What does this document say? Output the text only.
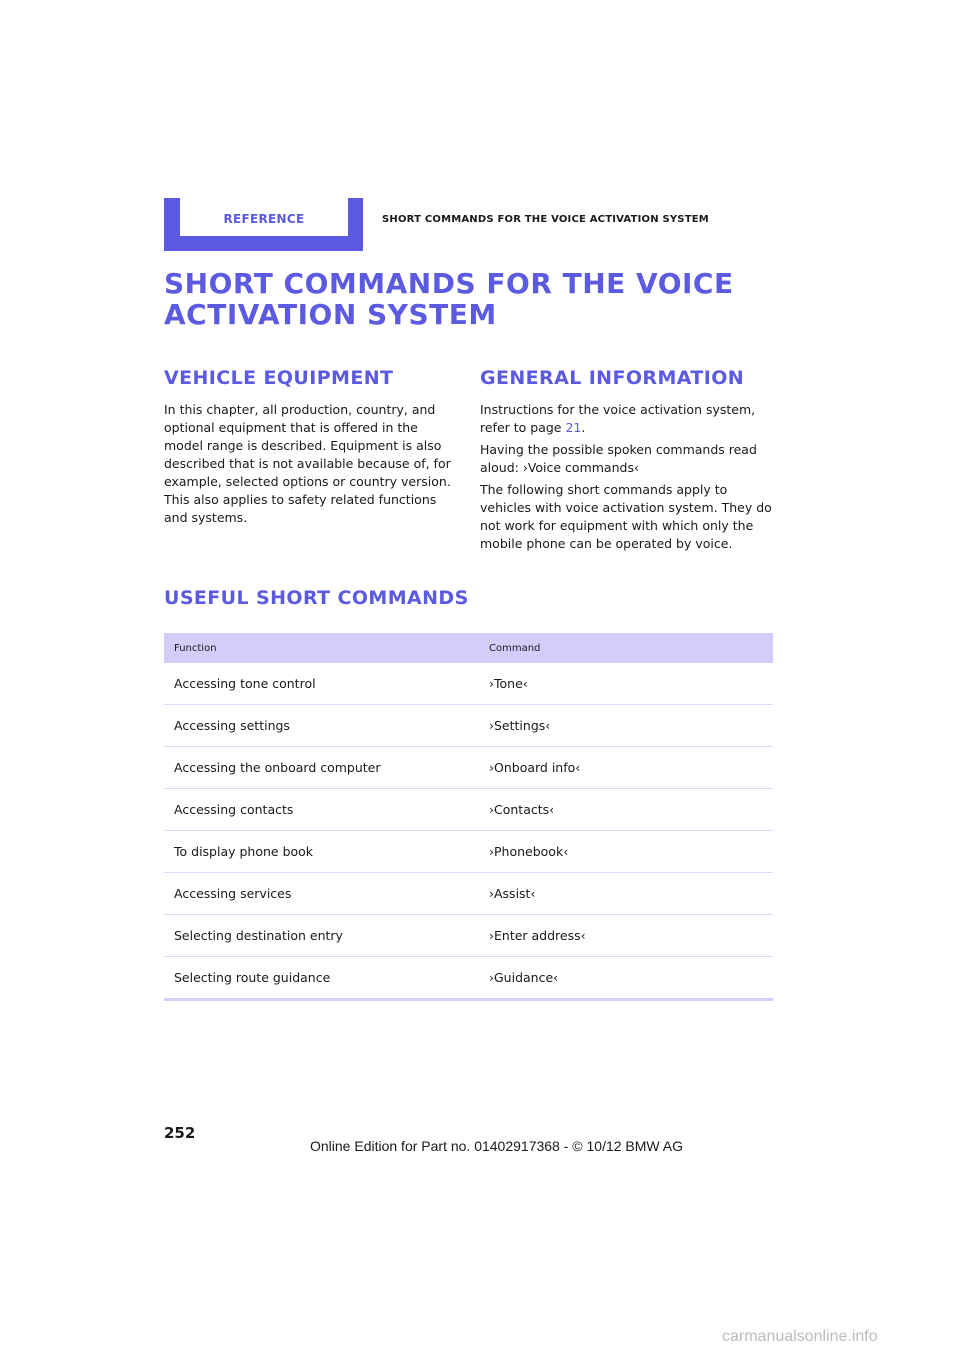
REFERENCE	SHORT COMMANDS FOR THE VOICE ACTIVATION SYSTEM
SHORT COMMANDS FOR THE VOICE
ACTIVATION SYSTEM
VEHICLE EQUIPMENT

In this chapter, all production, country, and optional equipment that is offered in the model range is described. Equipment is also described that is not available because of, for example, selected options or country version. This also applies to safety related functions and systems.

GENERAL INFORMATION

Instructions for the voice activation system, refer to page 21.

Having the possible spoken commands read aloud: ›Voice commands‹

The following short commands apply to vehicles with voice activation system. They do not work for equipment with which only the mobile phone can be operated by voice.

USEFUL SHORT COMMANDS
Function	Command
Accessing tone control	›Tone‹
Accessing settings	›Settings‹
Accessing the onboard computer	›Onboard info‹
Accessing contacts	›Contacts‹
To display phone book	›Phonebook‹
Accessing services	›Assist‹
Selecting destination entry	›Enter address‹
Selecting route guidance	›Guidance‹
252
Online Edition for Part no. 01402917368 - © 10/12 BMW AG
carmanualsonline.info
